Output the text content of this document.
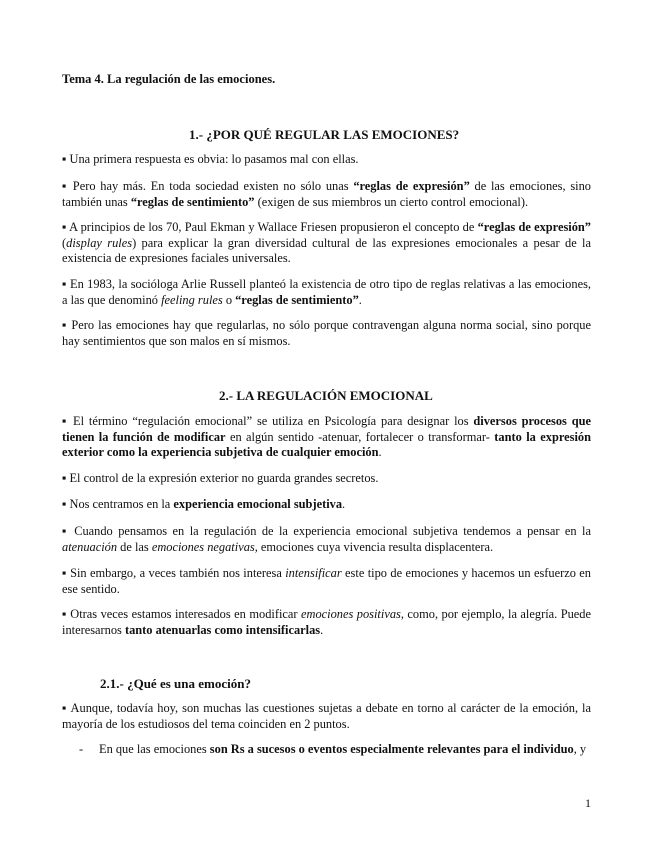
Tema 4. La regulación de las emociones.

1.- ¿POR QUÉ REGULAR LAS EMOCIONES?

▪ Una primera respuesta es obvia: lo pasamos mal con ellas.

▪ Pero hay más. En toda sociedad existen no sólo unas “reglas de expresión” de las emociones, sino también unas “reglas de sentimiento” (exigen de sus miembros un cierto control emocional).

▪ A principios de los 70, Paul Ekman y Wallace Friesen propusieron el concepto de “reglas de expresión” (display rules) para explicar la gran diversidad cultural de las expresiones emocionales a pesar de la existencia de expresiones faciales universales.

▪ En 1983, la socióloga Arlie Russell planteó la existencia de otro tipo de reglas relativas a las emociones, a las que denominó feeling rules o “reglas de sentimiento”.

▪ Pero las emociones hay que regularlas, no sólo porque contravengan alguna norma social, sino porque hay sentimientos que son malos en sí mismos.

2.- LA REGULACIÓN EMOCIONAL

▪ El término “regulación emocional” se utiliza en Psicología para designar los diversos procesos que tienen la función de modificar en algún sentido -atenuar, fortalecer o transformar- tanto la expresión exterior como la experiencia subjetiva de cualquier emoción.

▪ El control de la expresión exterior no guarda grandes secretos.

▪ Nos centramos en la experiencia emocional subjetiva.

▪ Cuando pensamos en la regulación de la experiencia emocional subjetiva tendemos a pensar en la atenuación de las emociones negativas, emociones cuya vivencia resulta displacentera.

▪ Sin embargo, a veces también nos interesa intensificar este tipo de emociones y hacemos un esfuerzo en ese sentido.

▪ Otras veces estamos interesados en modificar emociones positivas, como, por ejemplo, la alegría. Puede interesarnos tanto atenuarlas como intensificarlas.

2.1.- ¿Qué es una emoción?

▪ Aunque, todavía hoy, son muchas las cuestiones sujetas a debate en torno al carácter de la emoción, la mayoría de los estudiosos del tema coinciden en 2 puntos.

- En que las emociones son Rs a sucesos o eventos especialmente relevantes para el individuo, y

1
